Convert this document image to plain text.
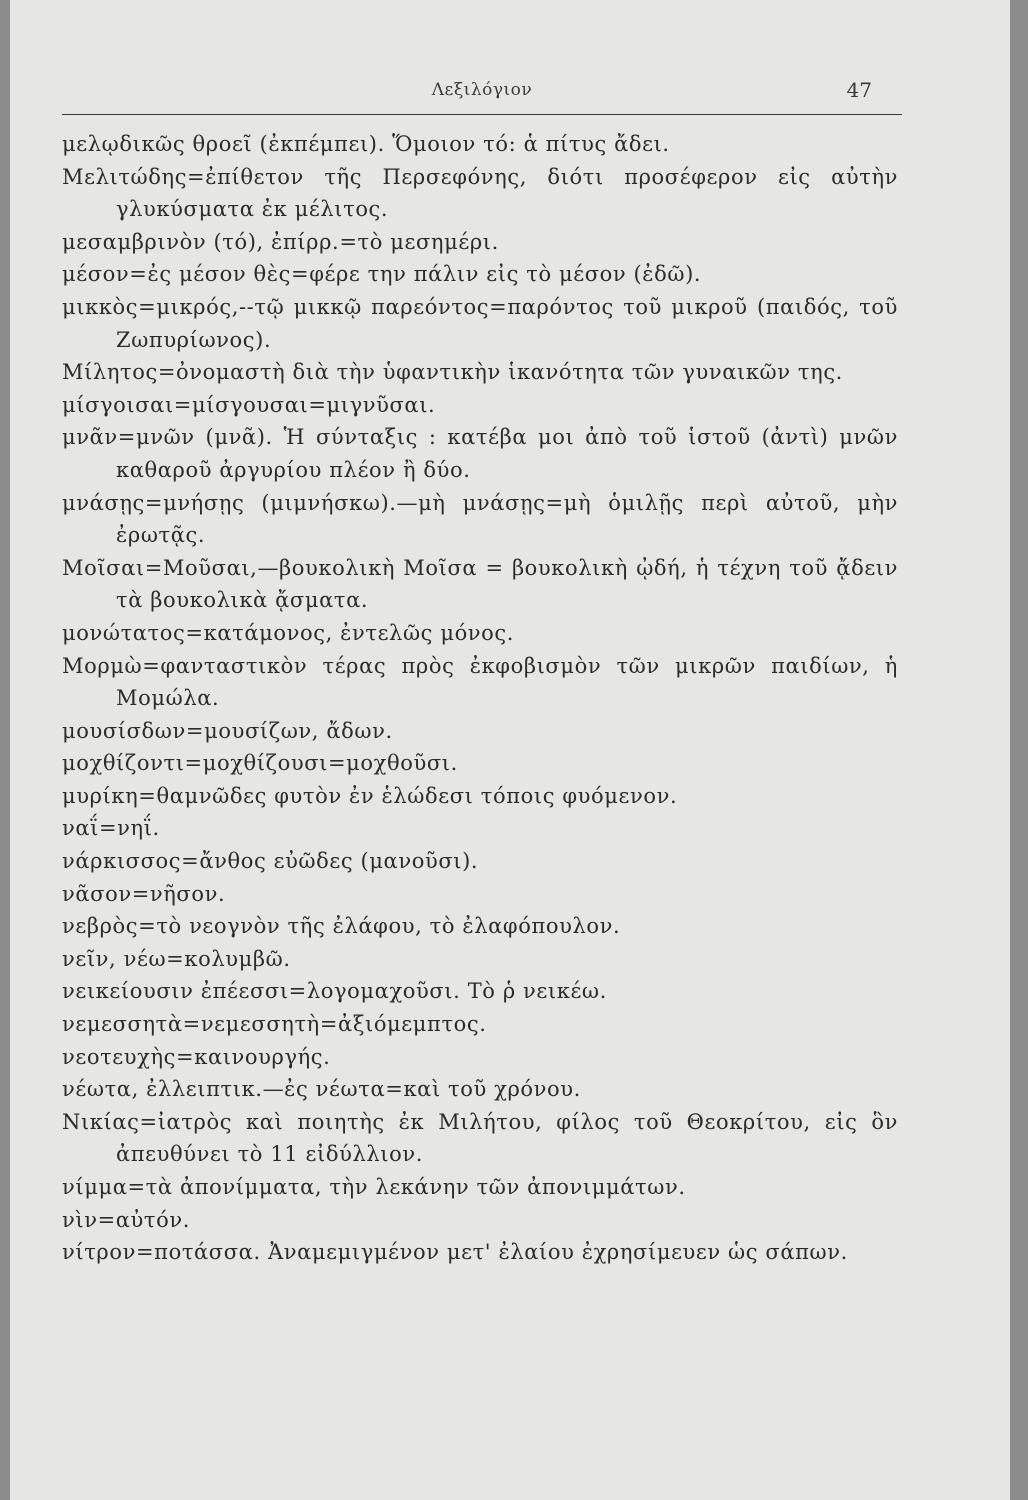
Λεξιλόγιον	47
μελῳδικῶς θροεῖ (ἐκπέμπει). Ὅμοιον τό: ἁ πίτυς ἄδει.
Μελιτώδης=ἐπίθετον τῆς Περσεφόνης, διότι προσέφερον εἰς αὐτὴν γλυκύσματα ἐκ μέλιτος.
μεσαμβρινὸν (τό), ἐπίρρ.=τὸ μεσημέρι.
μέσον=ἐς μέσον θὲς=φέρε την πάλιν εἰς τὸ μέσον (ἐδῶ).
μικκὸς=μικρός,--τῷ μικκῷ παρεόντος=παρόντος τοῦ μικροῦ (παιδός, τοῦ Ζωπυρίωνος).
Μίλητος=ὀνομαστὴ διὰ τὴν ὑφαντικὴν ἱκανότητα τῶν γυναικῶν της.
μίσγοισαι=μίσγουσαι=μιγνῦσαι.
μνᾶν=μνῶν (μνᾶ). Ἡ σύνταξις : κατέβα μοι ἀπὸ τοῦ ἱστοῦ (ἀντὶ) μνῶν καθαροῦ ἀργυρίου πλέον ἢ δύο.
μνάσῃς=μνήσῃς (μιμνήσκω).—μὴ μνάσῃς=μὴ ὁμιλῇς περὶ αὐτοῦ, μὴν ἐρωτᾷς.
Μοῖσαι=Μοῦσαι,—βουκολικὴ Μοῖσα = βουκολικὴ ᾠδή, ἡ τέχνη τοῦ ᾄδειν τὰ βουκολικὰ ᾄσματα.
μονώτατος=κατάμονος, ἐντελῶς μόνος.
Μορμὼ=φανταστικὸν τέρας πρὸς ἐκφοβισμὸν τῶν μικρῶν παιδίων, ἡ Μομώλα.
μουσίσδων=μουσίζων, ἄδων.
μοχθίζοντι=μοχθίζουσι=μοχθοῦσι.
μυρίκη=θαμνῶδες φυτὸν ἐν ἑλώδεσι τόποις φυόμενον.
ναΐ=νηΐ.
νάρκισσος=ἄνθος εὐῶδες (μανοῦσι).
νᾶσον=νῆσον.
νεβρὸς=τὸ νεογνὸν τῆς ἐλάφου, τὸ ἐλαφόπουλον.
νεῖν, νέω=κολυμβῶ.
νεικείουσιν ἐπέεσσι=λογομαχοῦσι. Τὸ ῥ νεικέω.
νεμεσσητὰ=νεμεσσητὴ=ἀξιόμεμπτος.
νεοτευχὴς=καινουργής.
νέωτα, ἐλλειπτικ.—ἐς νέωτα=καὶ τοῦ χρόνου.
Νικίας=ἰατρὸς καὶ ποιητὴς ἐκ Μιλήτου, φίλος τοῦ Θεοκρίτου, εἰς ὃν ἀπευθύνει τὸ 11 εἰδύλλιον.
νίμμα=τὰ ἀπονίμματα, τὴν λεκάνην τῶν ἀπονιμμάτων.
νὶν=αὐτόν.
νίτρον=ποτάσσα. Ἀναμεμιγμένον μετ' ἐλαίου ἐχρησίμευεν ὡς σάπων.
